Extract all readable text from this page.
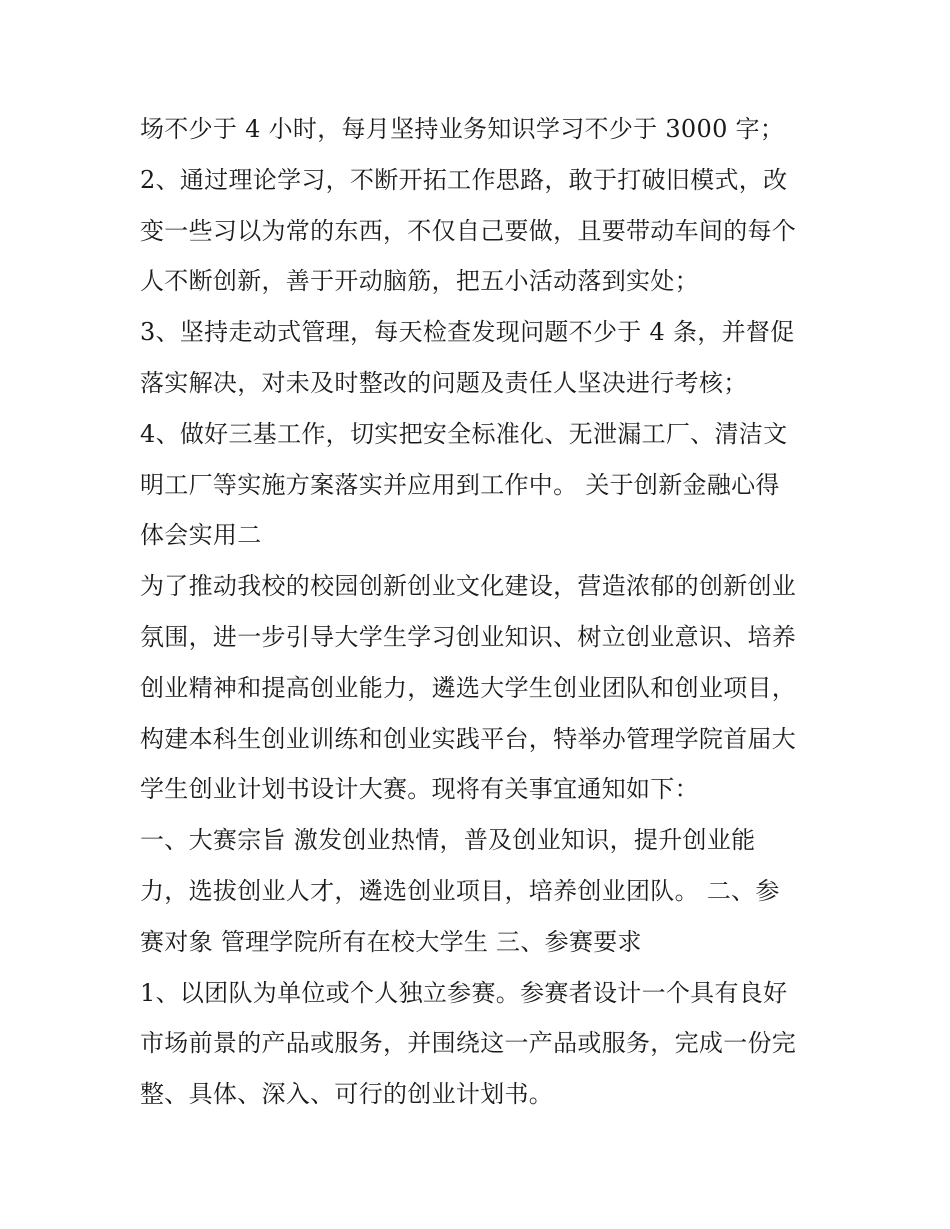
场不少于 4 小时，每月坚持业务知识学习不少于 3000 字；
2、通过理论学习，不断开拓工作思路，敢于打破旧模式，改
变一些习以为常的东西，不仅自己要做，且要带动车间的每个
人不断创新，善于开动脑筋，把五小活动落到实处；
3、坚持走动式管理，每天检查发现问题不少于 4 条，并督促
落实解决，对未及时整改的问题及责任人坚决进行考核；
4、做好三基工作，切实把安全标准化、无泄漏工厂、清洁文
明工厂等实施方案落实并应用到工作中。 关于创新金融心得
体会实用二
为了推动我校的校园创新创业文化建设，营造浓郁的创新创业
氛围，进一步引导大学生学习创业知识、树立创业意识、培养
创业精神和提高创业能力，遴选大学生创业团队和创业项目，
构建本科生创业训练和创业实践平台，特举办管理学院首届大
学生创业计划书设计大赛。现将有关事宜通知如下：
一、大赛宗旨 激发创业热情，普及创业知识，提升创业能
力，选拔创业人才，遴选创业项目，培养创业团队。 二、参
赛对象 管理学院所有在校大学生 三、参赛要求
1、以团队为单位或个人独立参赛。参赛者设计一个具有良好
市场前景的产品或服务，并围绕这一产品或服务，完成一份完
整、具体、深入、可行的创业计划书。
